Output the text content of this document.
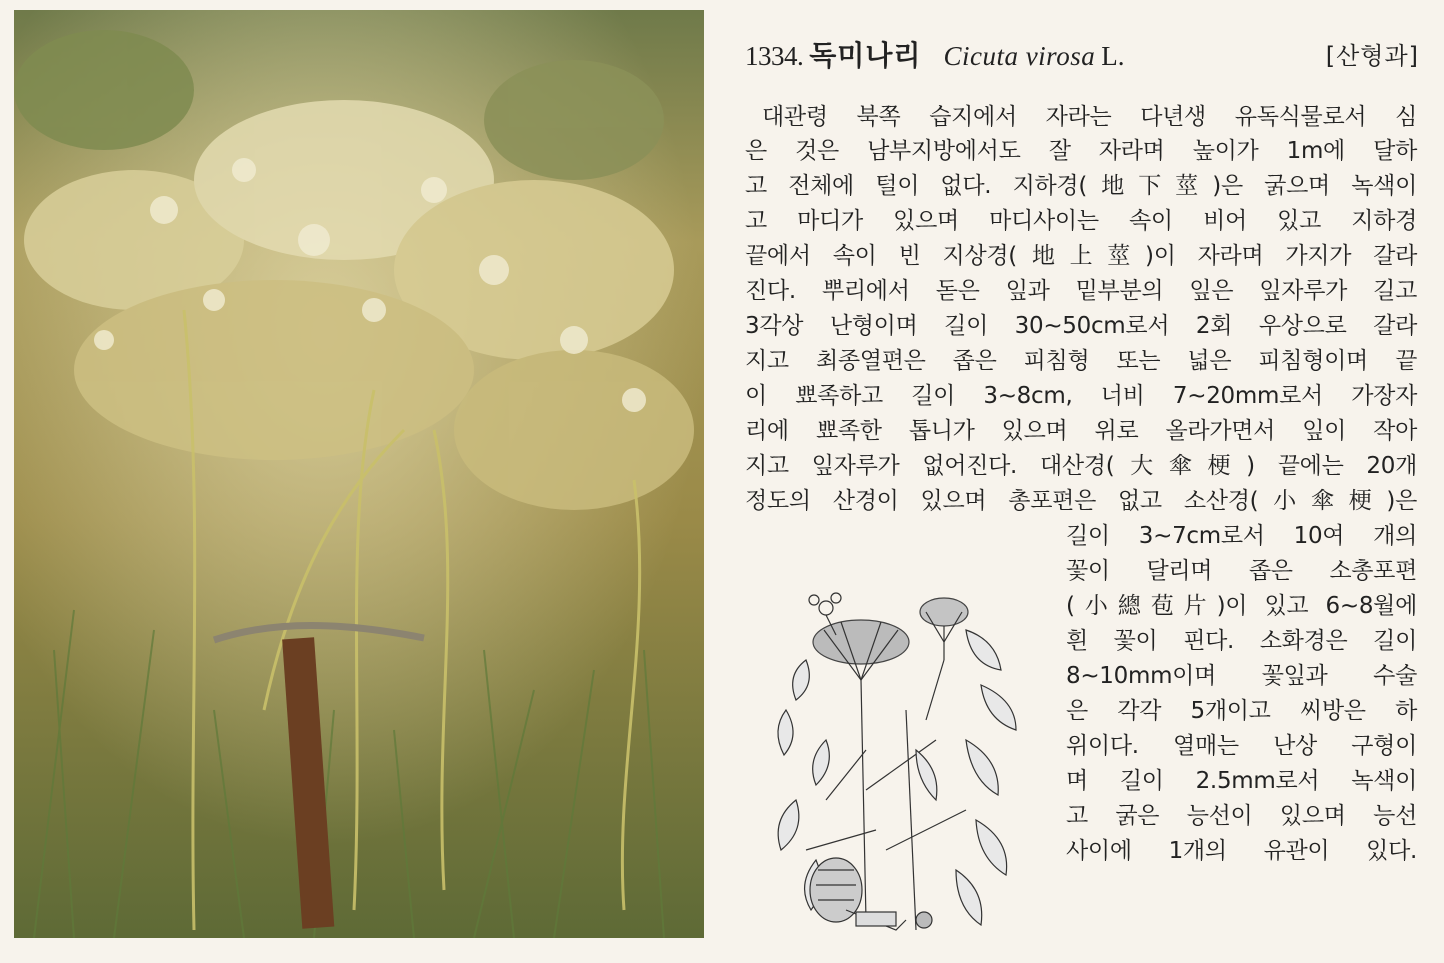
1334. 독미나리 Cicuta virosa L.	[산형과]
대관령 북쪽 습지에서 자라는 다년생 유독식물로서 심
은 것은 남부지방에서도 잘 자라며 높이가 1m에 달하
고 전체에 털이 없다. 지하경(地下莖)은 굵으며 녹색이
고 마디가 있으며 마디사이는 속이 비어 있고 지하경
끝에서 속이 빈 지상경(地上莖)이 자라며 가지가 갈라
진다. 뿌리에서 돋은 잎과 밑부분의 잎은 잎자루가 길고
3각상 난형이며 길이 30~50cm로서 2회 우상으로 갈라
지고 최종열편은 좁은 피침형 또는 넓은 피침형이며 끝
이 뾰족하고 길이 3~8cm, 너비 7~20mm로서 가장자
리에 뾰족한 톱니가 있으며 위로 올라가면서 잎이 작아
지고 잎자루가 없어진다. 대산경(大傘梗) 끝에는 20개
정도의 산경이 있으며 총포편은 없고 소산경(小傘梗)은
길이 3~7cm로서 10여 개의
꽃이 달리며 좁은 소총포편
(小總苞片)이 있고 6~8월에
흰 꽃이 핀다. 소화경은 길이
8~10mm이며 꽃잎과 수술
은 각각 5개이고 씨방은 하
위이다. 열매는 난상 구형이
며 길이 2.5mm로서 녹색이
고 굵은 능선이 있으며 능선
사이에 1개의 유관이 있다.
